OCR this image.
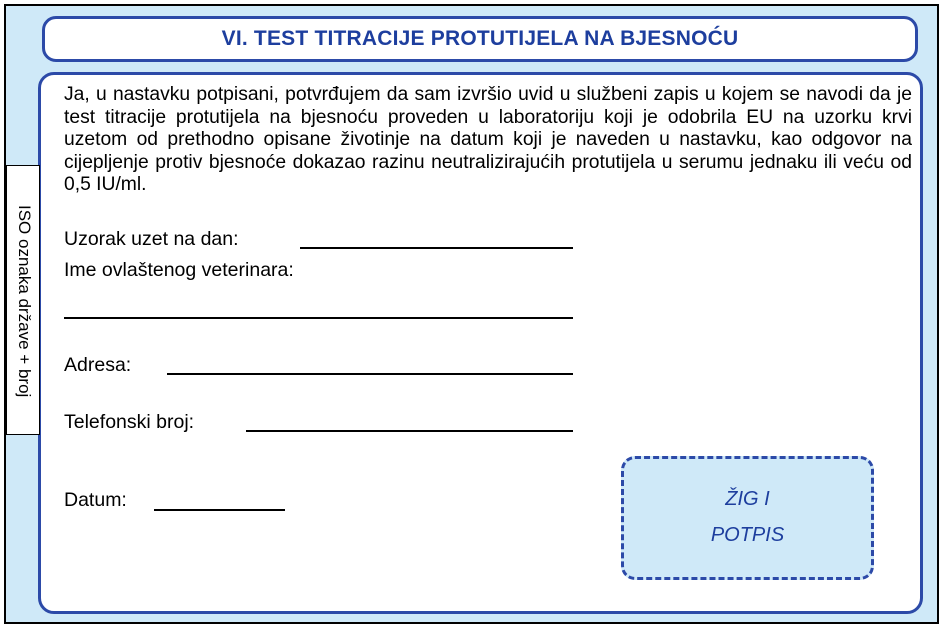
VI. TEST TITRACIJE PROTUTIJELA NA BJESNOĆU
ISO oznaka države + broj
Ja, u nastavku potpisani, potvrđujem da sam izvršio uvid u službeni zapis u kojem se navodi da je test titracije protutijela na bjesnoću proveden u laboratoriju koji je odobrila EU na uzorku krvi uzetom od prethodno opisane životinje na datum koji je naveden u nastavku, kao odgovor na cijepljenje protiv bjesnoće dokazao razinu neutralizirajućih protutijela u serumu jednaku ili veću od 0,5 IU/ml.
Uzorak uzet na dan:
Ime ovlaštenog veterinara:
Adresa:
Telefonski broj:
Datum:	ŽIG I
POTPIS
